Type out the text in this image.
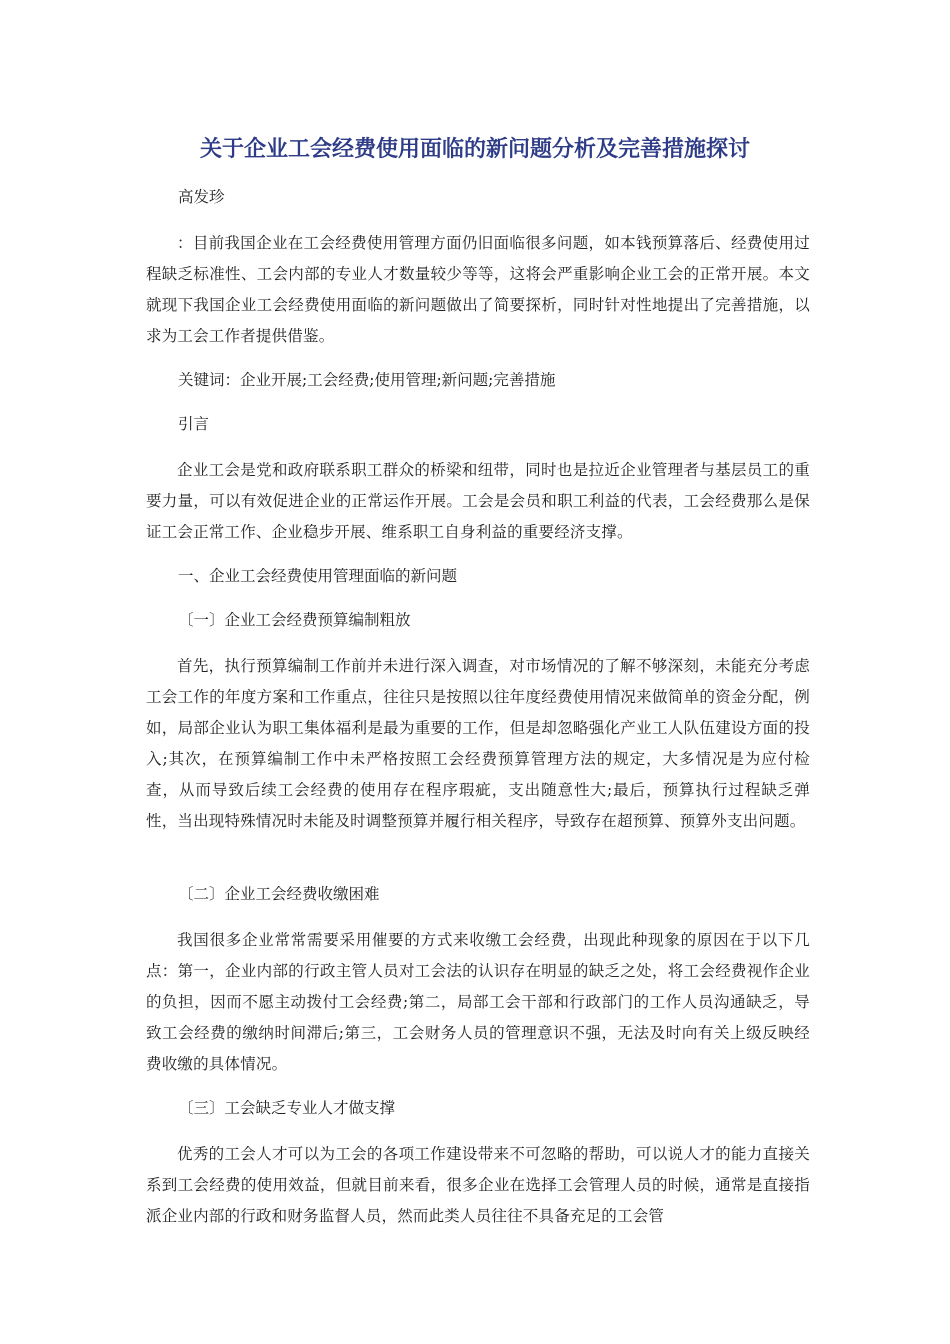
关于企业工会经费使用面临的新问题分析及完善措施探讨

高发珍

：目前我国企业在工会经费使用管理方面仍旧面临很多问题，如本钱预算落后、经费使用过程缺乏标准性、工会内部的专业人才数量较少等等，这将会严重影响企业工会的正常开展。本文就现下我国企业工会经费使用面临的新问题做出了简要探析，同时针对性地提出了完善措施，以求为工会工作者提供借鉴。

关键词：企业开展;工会经费;使用管理;新问题;完善措施

引言

企业工会是党和政府联系职工群众的桥梁和纽带，同时也是拉近企业管理者与基层员工的重要力量，可以有效促进企业的正常运作开展。工会是会员和职工利益的代表，工会经费那么是保证工会正常工作、企业稳步开展、维系职工自身利益的重要经济支撑。

一、企业工会经费使用管理面临的新问题

〔一〕企业工会经费预算编制粗放

首先，执行预算编制工作前并未进行深入调查，对市场情况的了解不够深刻，未能充分考虑工会工作的年度方案和工作重点，往往只是按照以往年度经费使用情况来做简单的资金分配，例如，局部企业认为职工集体福利是最为重要的工作，但是却忽略强化产业工人队伍建设方面的投入;其次，在预算编制工作中未严格按照工会经费预算管理方法的规定，大多情况是为应付检查，从而导致后续工会经费的使用存在程序瑕疵，支出随意性大;最后，预算执行过程缺乏弹性，当出现特殊情况时未能及时调整预算并履行相关程序，导致存在超预算、预算外支出问题。

〔二〕企业工会经费收缴困难

我国很多企业常常需要采用催要的方式来收缴工会经费，出现此种现象的原因在于以下几点：第一，企业内部的行政主管人员对工会法的认识存在明显的缺乏之处，将工会经费视作企业的负担，因而不愿主动拨付工会经费;第二，局部工会干部和行政部门的工作人员沟通缺乏，导致工会经费的缴纳时间滞后;第三，工会财务人员的管理意识不强，无法及时向有关上级反映经费收缴的具体情况。

〔三〕工会缺乏专业人才做支撑

优秀的工会人才可以为工会的各项工作建设带来不可忽略的帮助，可以说人才的能力直接关系到工会经费的使用效益，但就目前来看，很多企业在选择工会管理人员的时候，通常是直接指派企业内部的行政和财务监督人员，然而此类人员往往不具备充足的工会管
